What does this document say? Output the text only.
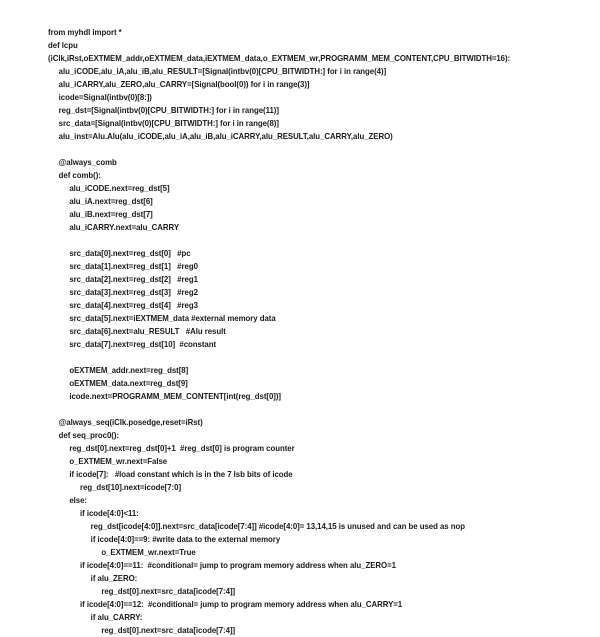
from myhdl import *
def lcpu
(iClk,iRst,oEXTMEM_addr,oEXTMEM_data,iEXTMEM_data,o_EXTMEM_wr,PROGRAMM_MEM_CONTENT,CPU_BITWIDTH=16):
alu_iCODE,alu_iA,alu_iB,alu_RESULT=[Signal(intbv(0)[CPU_BITWIDTH:] for i in range(4)]
alu_iCARRY,alu_ZERO,alu_CARRY=[Signal(bool(0)) for i in range(3)]
icode=Signal(intbv(0)[8:])
reg_dst=[Signal(intbv(0)[CPU_BITWIDTH:] for i in range(11)]
src_data=[Signal(intbv(0)[CPU_BITWIDTH:] for i in range(8)]
alu_inst=Alu.Alu(alu_iCODE,alu_iA,alu_iB,alu_iCARRY,alu_RESULT,alu_CARRY,alu_ZERO)

@always_comb
def comb():
alu_iCODE.next=reg_dst[5]
alu_iA.next=reg_dst[6]
alu_iB.next=reg_dst[7]
alu_iCARRY.next=alu_CARRY

src_data[0].next=reg_dst[0]   #pc
src_data[1].next=reg_dst[1]   #reg0
src_data[2].next=reg_dst[2]   #reg1
src_data[3].next=reg_dst[3]   #reg2
src_data[4].next=reg_dst[4]   #reg3
src_data[5].next=iEXTMEM_data #external memory data
src_data[6].next=alu_RESULT   #Alu result
src_data[7].next=reg_dst[10]  #constant

oEXTMEM_addr.next=reg_dst[8]
oEXTMEM_data.next=reg_dst[9]
icode.next=PROGRAMM_MEM_CONTENT[int(reg_dst[0])]

@always_seq(iClk.posedge,reset=iRst)
def seq_proc0():
reg_dst[0].next=reg_dst[0]+1  #reg_dst[0] is program counter
o_EXTMEM_wr.next=False
if icode[7]:   #load constant which is in the 7 lsb bits of icode
reg_dst[10].next=icode[7:0]
else:
if icode[4:0]<11:
reg_dst[icode[4:0]].next=src_data[icode[7:4]] #icode[4:0]= 13,14,15 is unused and can be used as nop
if icode[4:0]==9: #write data to the external memory
o_EXTMEM_wr.next=True
if icode[4:0]==11:  #conditional= jump to program memory address when alu_ZERO=1
if alu_ZERO:
reg_dst[0].next=src_data[icode[7:4]]
if icode[4:0]==12:  #conditional= jump to program memory address when alu_CARRY=1
if alu_CARRY:
reg_dst[0].next=src_data[icode[7:4]]
